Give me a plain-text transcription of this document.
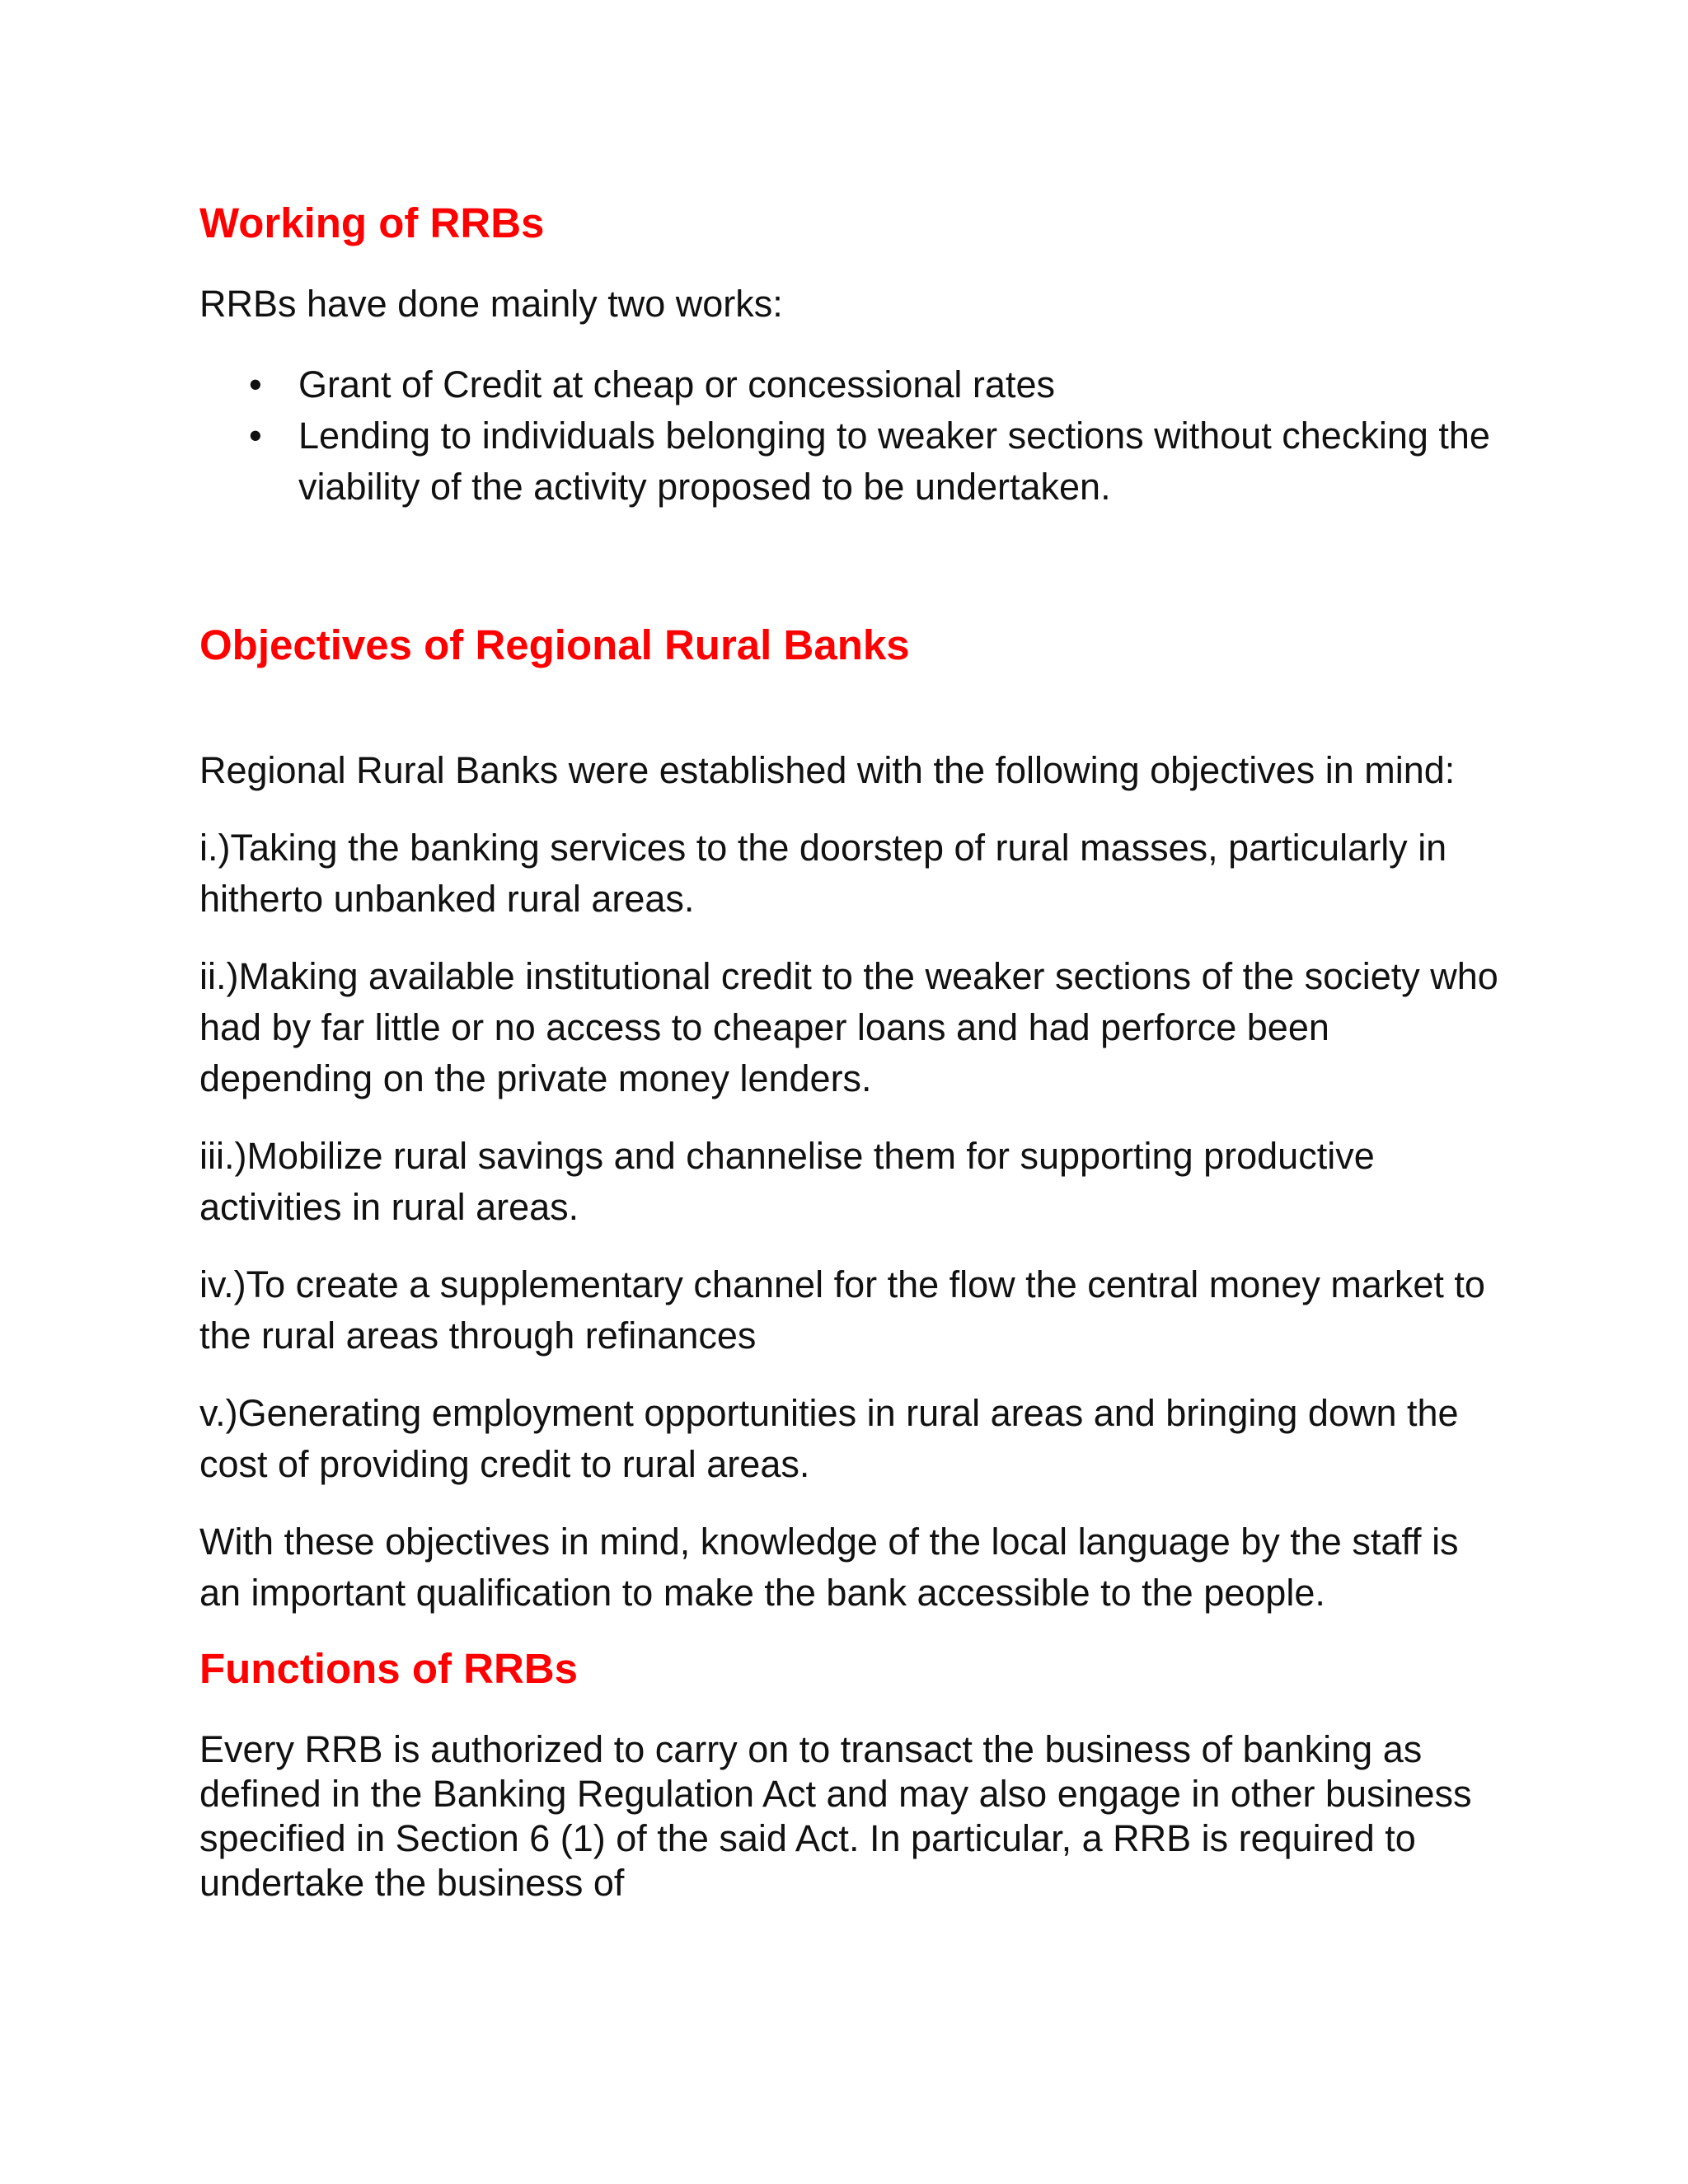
Working of RRBs

RRBs have done mainly two works:

• Grant of Credit at cheap or concessional rates
• Lending to individuals belonging to weaker sections without checking the viability of the activity proposed to be undertaken.
Objectives of Regional Rural Banks

Regional Rural Banks were established with the following objectives in mind:

i.)Taking the banking services to the doorstep of rural masses, particularly in hitherto unbanked rural areas.

ii.)Making available institutional credit to the weaker sections of the society who had by far little or no access to cheaper loans and had perforce been depending on the private money lenders.

iii.)Mobilize rural savings and channelise them for supporting productive activities in rural areas.

iv.)To create a supplementary channel for the flow the central money market to the rural areas through refinances

v.)Generating employment opportunities in rural areas and bringing down the cost of providing credit to rural areas.

With these objectives in mind, knowledge of the local language by the staff is an important qualification to make the bank accessible to the people.

Functions of RRBs

Every RRB is authorized to carry on to transact the business of banking as defined in the Banking Regulation Act and may also engage in other business specified in Section 6 (1) of the said Act. In particular, a RRB is required to undertake the business of
